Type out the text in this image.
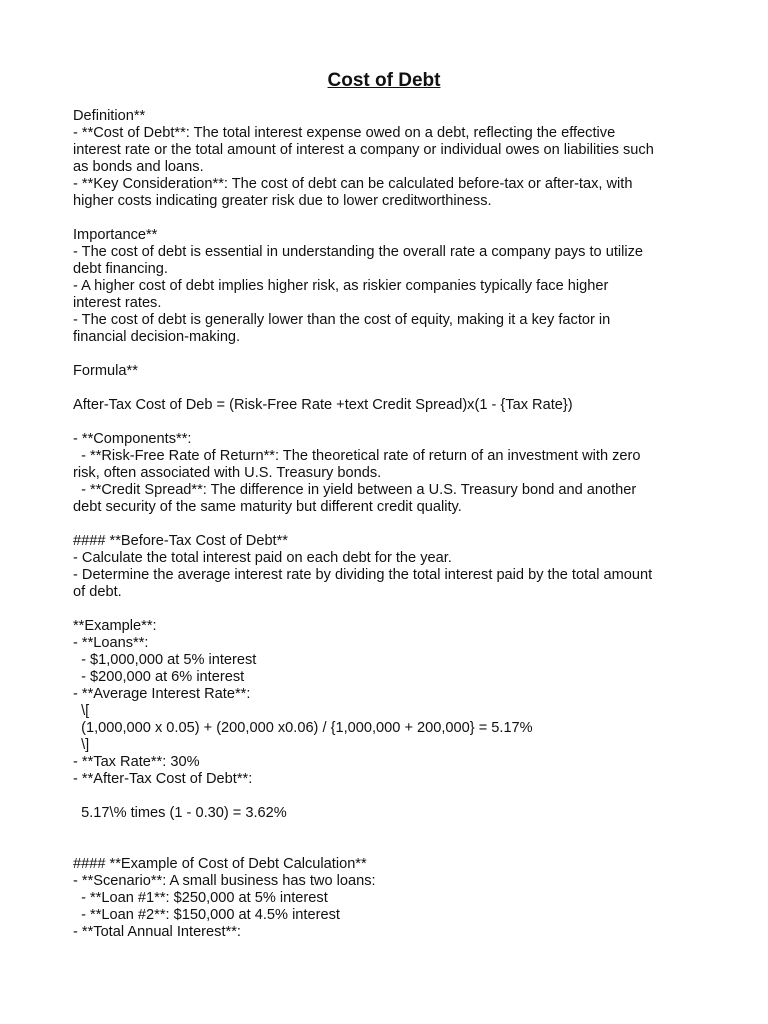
Cost of Debt

Definition**

- **Cost of Debt**: The total interest expense owed on a debt, reflecting the effective

interest rate or the total amount of interest a company or individual owes on liabilities such

as bonds and loans.

- **Key Consideration**: The cost of debt can be calculated before-tax or after-tax, with

higher costs indicating greater risk due to lower creditworthiness.

Importance**

- The cost of debt is essential in understanding the overall rate a company pays to utilize

debt financing.

- A higher cost of debt implies higher risk, as riskier companies typically face higher

interest rates.

- The cost of debt is generally lower than the cost of equity, making it a key factor in

financial decision-making.

Formula**

After-Tax Cost of Deb = (Risk-Free Rate +text Credit Spread)x(1 - {Tax Rate})

- **Components**:

- **Risk-Free Rate of Return**: The theoretical rate of return of an investment with zero

risk, often associated with U.S. Treasury bonds.

- **Credit Spread**: The difference in yield between a U.S. Treasury bond and another

debt security of the same maturity but different credit quality.

#### **Before-Tax Cost of Debt**

- Calculate the total interest paid on each debt for the year.

- Determine the average interest rate by dividing the total interest paid by the total amount

of debt.

**Example**:

- **Loans**:

- $1,000,000 at 5% interest

- $200,000 at 6% interest

- **Average Interest Rate**:

\[

(1,000,000 x 0.05) + (200,000 x0.06) / {1,000,000 + 200,000} = 5.17%

\]

- **Tax Rate**: 30%

- **After-Tax Cost of Debt**:

5.17\% times (1 - 0.30) = 3.62%

#### **Example of Cost of Debt Calculation**

- **Scenario**: A small business has two loans:

- **Loan #1**: $250,000 at 5% interest

- **Loan #2**: $150,000 at 4.5% interest

- **Total Annual Interest**:
